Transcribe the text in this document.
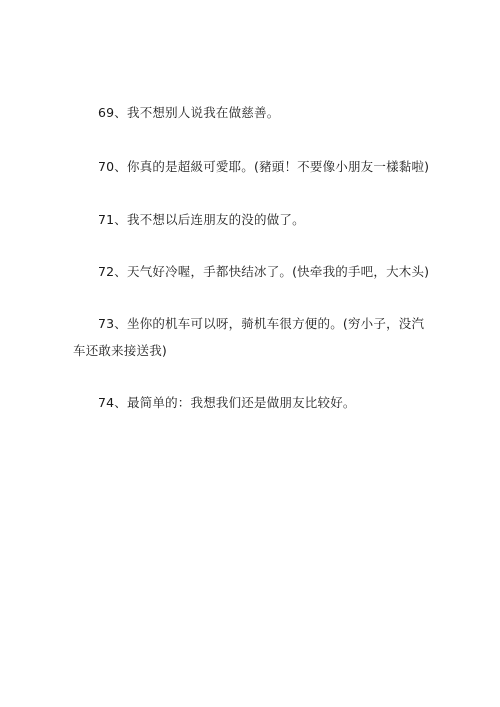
69、我不想别人说我在做慈善。

70、你真的是超級可愛耶。(豬頭！不要像小朋友一樣黏啦)

71、我不想以后连朋友的没的做了。

72、天气好冷喔，手都快结冰了。(快牵我的手吧，大木头)

73、坐你的机车可以呀，骑机车很方便的。(穷小子，没汽车还敢来接送我)

74、最简单的：我想我们还是做朋友比较好。
